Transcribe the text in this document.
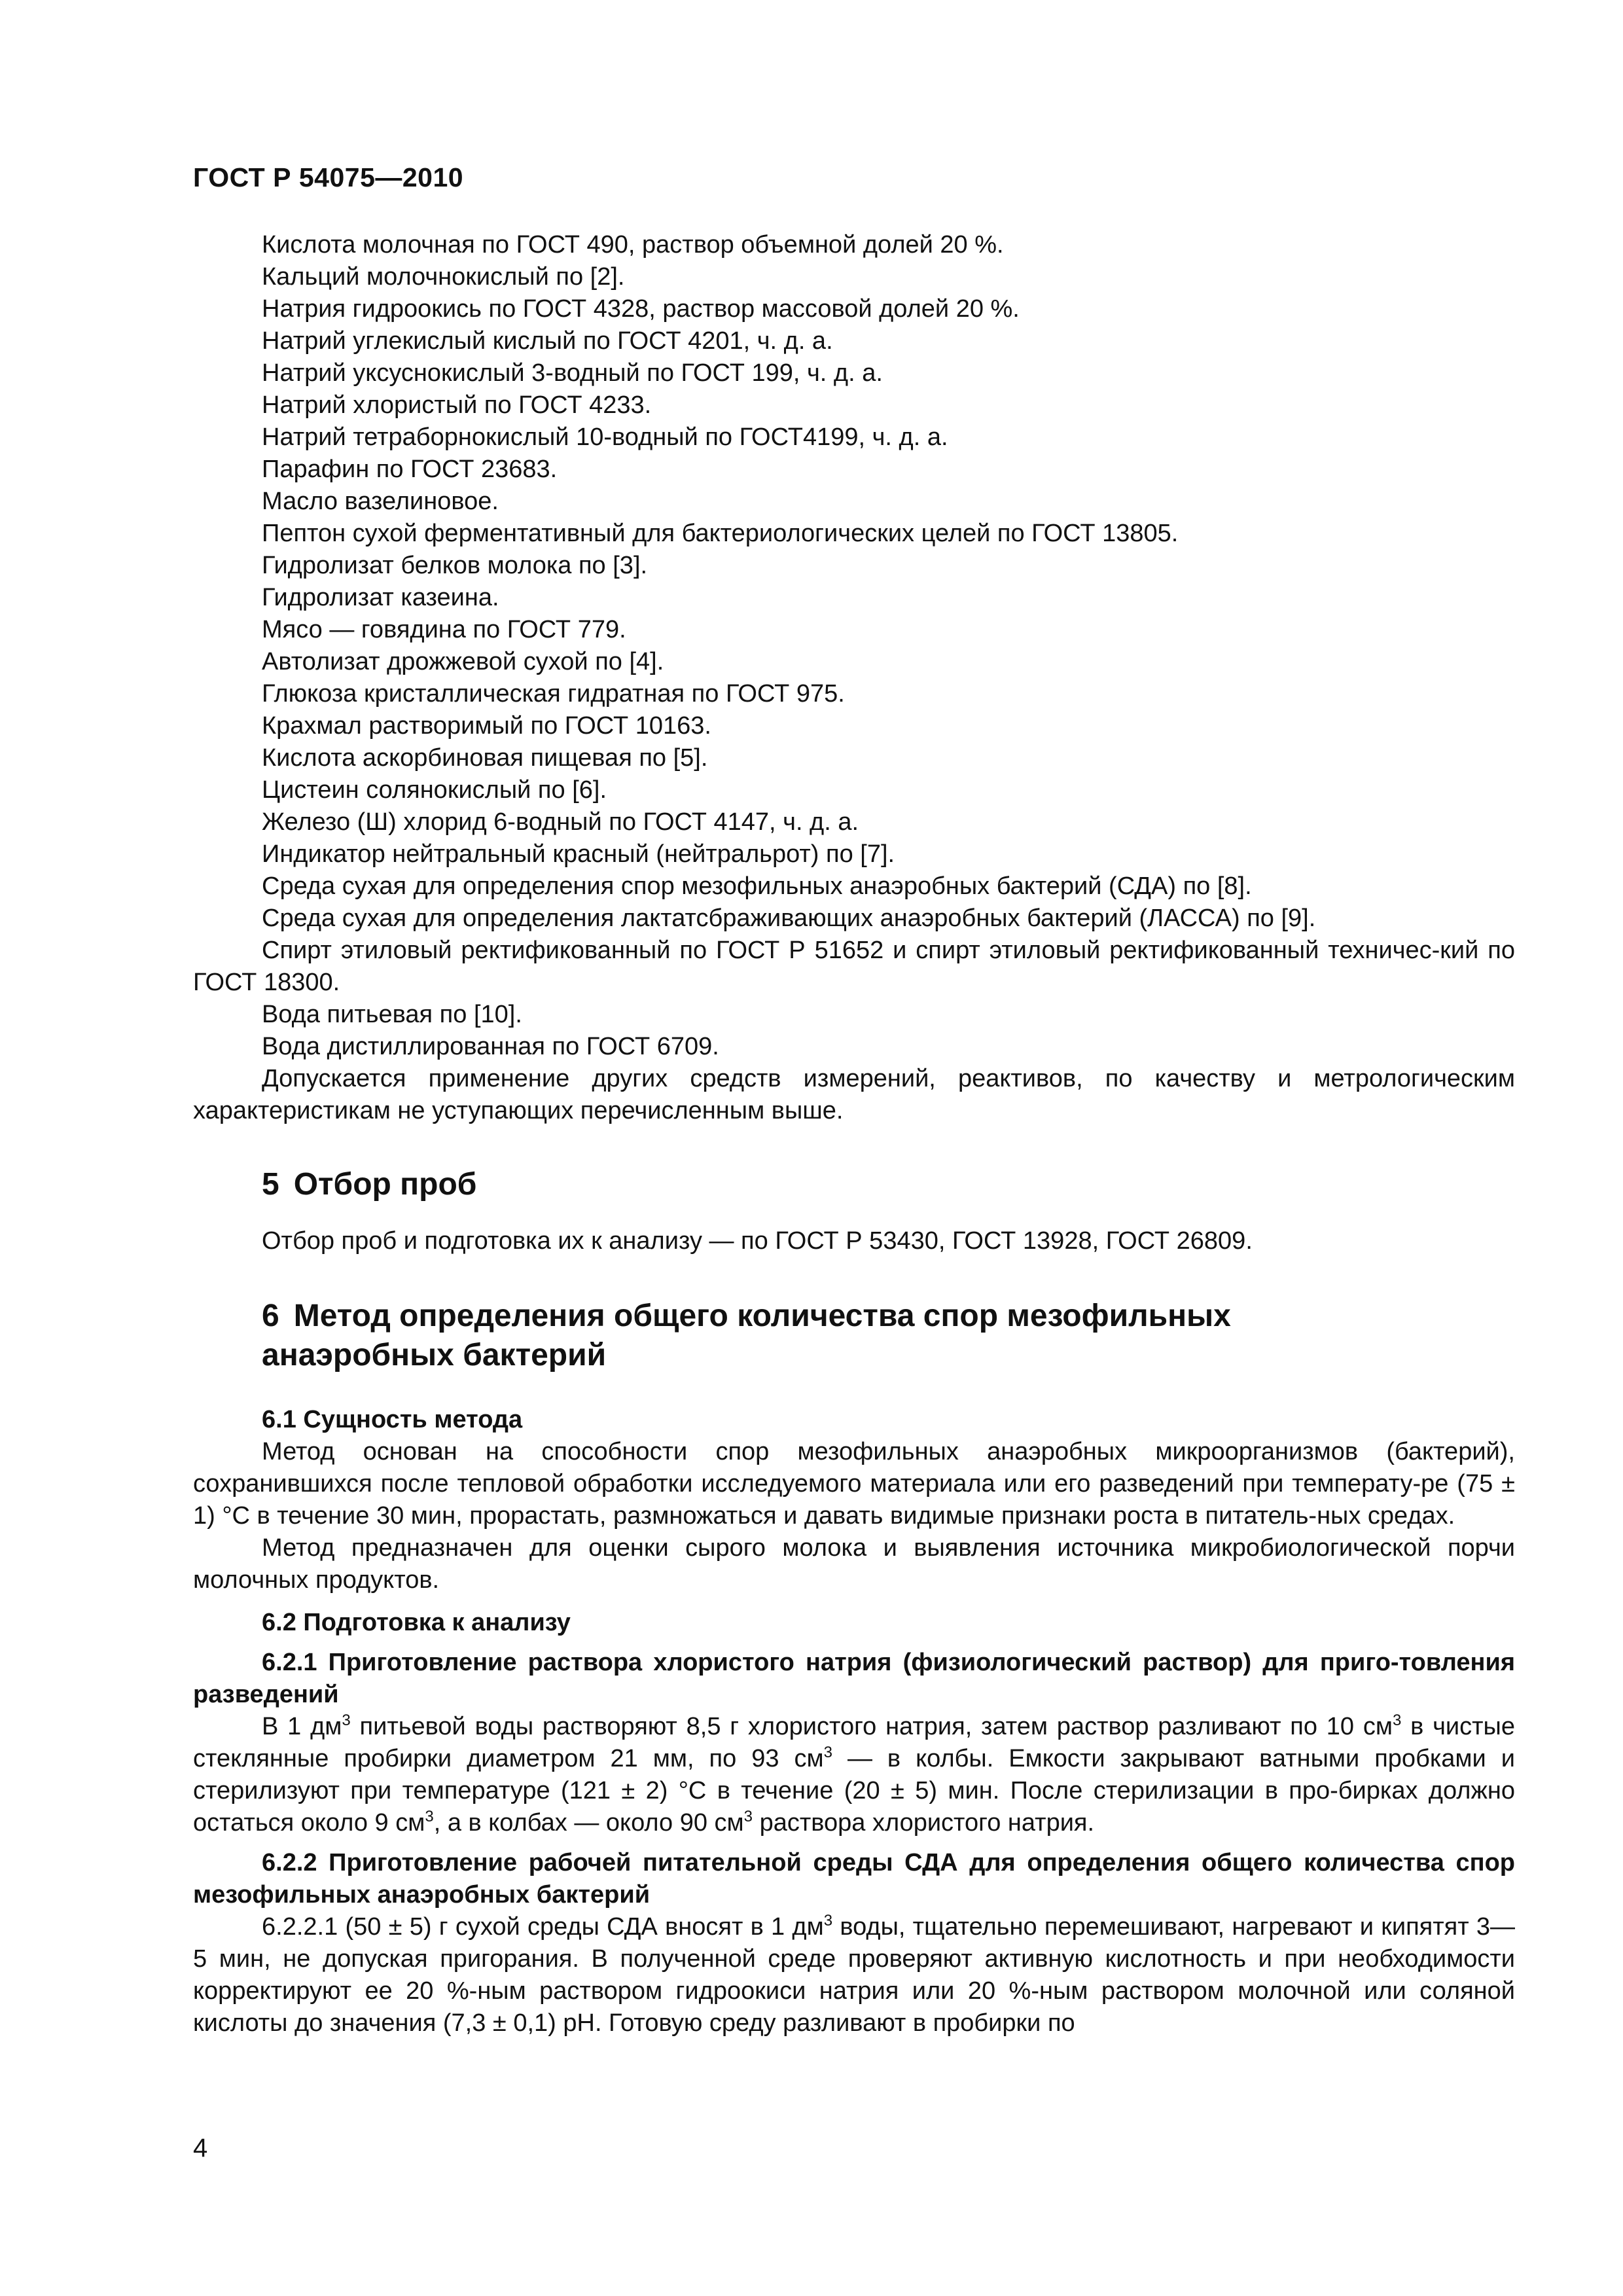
ГОСТ Р 54075—2010

Кислота молочная по ГОСТ 490, раствор объемной долей 20 %.

Кальций молочнокислый по [2].

Натрия гидроокись по ГОСТ 4328, раствор массовой долей 20 %.

Натрий углекислый кислый по ГОСТ 4201, ч. д. а.

Натрий уксуснокислый 3-водный по ГОСТ 199, ч. д. а.

Натрий хлористый по ГОСТ 4233.

Натрий тетраборнокислый 10-водный по ГОСТ4199, ч. д. а.

Парафин по ГОСТ 23683.

Масло вазелиновое.

Пептон сухой ферментативный для бактериологических целей по ГОСТ 13805.

Гидролизат белков молока по [3].

Гидролизат казеина.

Мясо — говядина по ГОСТ 779.

Автолизат дрожжевой сухой по [4].

Глюкоза кристаллическая гидратная по ГОСТ 975.

Крахмал растворимый по ГОСТ 10163.

Кислота аскорбиновая пищевая по [5].

Цистеин солянокислый по [6].

Железо (Ш) хлорид 6-водный по ГОСТ 4147, ч. д. а.

Индикатор нейтральный красный (нейтральрот) по [7].

Среда сухая для определения спор мезофильных анаэробных бактерий (СДА) по [8].

Среда сухая для определения лактатсбраживающих анаэробных бактерий (ЛАССА) по [9].

Спирт этиловый ректификованный по ГОСТ Р 51652 и спирт этиловый ректификованный техничес-кий по ГОСТ 18300.

Вода питьевая по [10].

Вода дистиллированная по ГОСТ 6709.

Допускается применение других средств измерений, реактивов, по качеству и метрологическим характеристикам не уступающих перечисленным выше.

5 Отбор проб

Отбор проб и подготовка их к анализу — по ГОСТ Р 53430, ГОСТ 13928, ГОСТ 26809.

6 Метод определения общего количества спор мезофильных
анаэробных бактерий

6.1 Сущность метода

Метод основан на способности спор мезофильных анаэробных микроорганизмов (бактерий), сохранившихся после тепловой обработки исследуемого материала или его разведений при температу-ре (75 ± 1) °С в течение 30 мин, прорастать, размножаться и давать видимые признаки роста в питатель-ных средах.

Метод предназначен для оценки сырого молока и выявления источника микробиологической порчи молочных продуктов.

6.2 Подготовка к анализу

6.2.1 Приготовление раствора хлористого натрия (физиологический раствор) для приго-товления разведений

В 1 $дм^3$ питьевой воды растворяют 8,5 г хлористого натрия, затем раствор разливают по 10 $см^3$ в чистые стеклянные пробирки диаметром 21 мм, по 93 $см^3$ — в колбы. Емкости закрывают ватными пробками и стерилизуют при температуре (121 ± 2) °С в течение (20 ± 5) мин. После стерилизации в про-бирках должно остаться около 9 $см^3$, а в колбах — около 90 $см^3$ раствора хлористого натрия.

6.2.2 Приготовление рабочей питательной среды СДА для определения общего количества спор мезофильных анаэробных бактерий

6.2.2.1 (50 ± 5) г сухой среды СДА вносят в 1 $дм^3$ воды, тщательно перемешивают, нагревают и кипятят 3—5 мин, не допуская пригорания. В полученной среде проверяют активную кислотность и при необходимости корректируют ее 20 %-ным раствором гидроокиси натрия или 20 %-ным раствором молочной или соляной кислоты до значения (7,3 ± 0,1) pH. Готовую среду разливают в пробирки по

4
